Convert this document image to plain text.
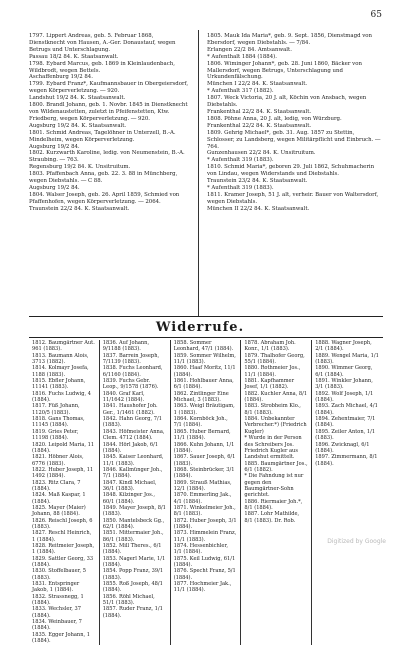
65

1797. Lippert Andreas, geb. 5. Februar 1868, Dienstknecht von Hausen, A.-Ger. Donaustauf, wegen Betrugs und Unterschlagung.

Passau 18/2 84. K. Staatsanwalt.

1798. Eybard Marcus, geb. 1869 in Kleinlaudenbach, Wildbrodt, wegen Bettels.

Aschaffenburg 19/2 84.

1799. Eybard Franz*, Kaufmannsbauer in Obergeiersdorf, wegen Körperverletzung. ― 920.

Landshut 19/2 84. K. Staatsanwalt.

1800. Brandl Johann, geb. 1. Novbr. 1845 in Dienstknecht von Wildenaustetten, zuletzt in Pfeifenstetten, Ktw. Friedberg, wegen Körperverletzung. ― 920.

Augsburg 19/2 84. K. Staatsanwalt.

1801. Schmid Andreas, Tagelöhner in Unterzell, B.-A. Mindelheim, wegen Körperverletzung.

Augsburg 19/2 84.

1802. Kurzwarth Karoline, ledig. von Neumenstein, B.-A. Straubing. ― 763.

Regensburg 19/2 84. K. Unsitruitum.

1803. Pfaffenbach Anna, geb. 22. 3. 88 in Münchberg, wegen Diebstahls. ― C 88.

Augsburg 19/2 84.

1804. Walser Joseph, geb. 26. April 1859, Schmied von Pfaffenhofen, wegen Körperverletzung. ― 2064.

Traunstein 22/2 84. K. Staatsanwalt.

1805. Mauk Ida Maria*, geb. 9. Sept. 1856, Dienstmagd von Ebersdorf, wegen Diebstahls. ― 7/84.

Erlangen 22/2 84. Amtsanwalt.

* Aufenthalt 1884 (1884).

1806. Wiminger Johann*, geb. 28. Juni 1860, Bäcker von Mallersdorf, wegen Betrugs, Unterschlagung und Urkundenfälschung.

München I 22/2 84. K. Staatsanwalt.

* Aufenthalt 317 (1882).

1807. Weck Victoria, 20 J. alt, Köchin von Ansbach, wegen Diebstahls.

Frankenthal 22/2 84. K. Staatsanwalt.

1808. Pöhne Anna, 20 J. alt, ledig, von Würzburg.

Frankenthal 22/2 84. K. Staatsanwalt.

1809. Gehrig Michael*, geb. 31. Aug. 1857 zu Stettin, Schlosser, zu Landsberg, wegen Militärpflicht und Einbruch. ― 764.

Gunzenhausen 22/2 84. K. Unsitruitum.

* Aufenthalt 319 (1883).

1810. Schmid Maria*, geboren 29. Juli 1862, Schuhmacherin von Lindau, wegen Widerstands und Diebstahls.

Traunstein 23/2 84. K. Staatsanwalt.

* Aufenthalt 319 (1883).

1811. Kramer Joseph, 51 J. alt, verheir. Bauer von Waltersdorf, wegen Diebstahls.

München II 22/2 84. K. Staatsanwalt.

Widerrufe.

1812. Baumgärtner Aut. 961 (1883).

1813. Baumann Alois, 3713 (1882).

1814. Kolmayr Josefa, 1188 (1883).

1815. Ebfler Johann, 11141 (1883).

1816. Fuchs Ludwig, 4 (1884).

1817. Füß Johann, 1120/5 (1883).

1818. Gans Thomas, 11145 (1884).

1819. Gries Peter, 11198 (1884).

1820. Leipold Maria, 11 (1884).

1821. Höbner Alois, 6776 (1883).

1822. Huber Joseph, 11 1492 (1884).

1823. Ritz Clara, 7 (1884).

1824. Maß Kaspar, 1 (1884).

1825. Mayer (Maier) Johann, 88 (1884).

1826. Reischl Joseph, 6 (1883).

1827. Reschl Heinrich, 1 (1884).

1828. Reitmeier Joseph, 1 (1884).

1829. Sattler Georg, 33 (1884).

1830. Stoffelbauer, 5 (1883).

1831. Entspringer Jakob, 1 (1884).

1832. Strassnegg, 1 (1884).

1833. Wechsler, 37 (1884).

1834. Weinbauer, 7 (1884).

1835. Egger Johann, 1 (1884).

1836. Auf Johann, 9/1188 (1883).

1837. Barrein Joseph, 7/1139 (1883).

1838. Fuchs Leonhard, 6/1160 (1884).

1839. Fuchs Gebr. Leop., 9/1578 (1876).

1840. Graf Karl, 11/1642 (1884).

1841. Haushofer Joh. Ger., 1/1461 (1882).

1842. Hahn Georg, 7/1 (1883).

1843. Höfmeister Anna, Clem. 4712 (1884).

1844. Hörl Jakob, 6/1 (1884).

1845. Kaiser Leonhard, 11/1 (1883).

1846. Kallmünger Joh., 7/1 (1884).

1847. Kindl Michael, 36/1 (1883).

1848. Kilzinger Jos., 60/1 (1884).

1849. Mayer Joseph, 8/1 (1883).

1850. Mantelsbeck Gg., 62/1 (1884).

1851. Mittermaier Joh., 86/1 (1883).

1852. Mill Theres., 6/1 (1884).

1853. Nagerl Marie, 1/1 (1884).

1854. Popp Franz, 39/1 (1883).

1855. Roß Joseph, 48/1 (1884).

1856. Röhl Michael, 51/1 (1883).

1857. Ruder Franz, 1/1 (1884).

1858. Sommer Leonhard, 47/1 (1884).

1859. Sommer Wilhelm, 11/1 (1883).

1860. Haaf Moritz, 11/1 (1884).

1861. Hohlbauer Anna, 6/1 (1884).

1862. Zintlinger Eine Michael, 3 (1883).

1863. Weigl Bräutigam, 1 (1883).

1864. Kornböck Joh., 7/1 (1884).

1865. Huber Bernard, 11/1 (1884).

1866. Kuhn Johann, 1/1 (1884).

1867. Sauer Joseph, 6/1 (1883).

1868. Steinbrücker, 3/1 (1884).

1869. Strauß Mathias, 12/1 (1884).

1870. Emmerling Jak., 4/1 (1884).

1871. Winkelmeier Joh., 8/1 (1883).

1872. Huber Joseph, 3/1 (1884).

1873. Himmelein Franz, 11/1 (1883).

1874. Hessenbichler, 1/1 (1884).

1875. Keil Ludwig, 61/1 (1884).

1876. Specht Franz, 5/1 (1884).

1877. Hochmeier Jak., 11/1 (1884).

1878. Abraham Joh. Konr., 1/1 (1883).

1879. Thalhofer Georg, 55/1 (1884).

1880. Rothmeier Jos., 11/1 (1884).

1881. Kapfhammer Josef, 1/1 (1882).

1882. Kuchler Anna, 8/1 (1884).

1883. Strobheim Klo., 8/1 (1883).

1884. Unbekannter Verbrecher.*) (Friedrich Kugler)

* Wurde in der Person des Schreibers Jos. Friedrich Kugler aus Landshut ermittelt.

1885. Baumgärtner Jos., 6/1 (1882).

* Die Fahndung ist nur gegen den Baumgärtner-Sohn gerichtet.

1886. Riermaier Joh.*, 8/1 (1884).

1887. Lohr Mathilde, 8/1 (1883). Dr. Rob.

1888. Wagner Joseph, 2/1 (1884).

1889. Wengel Maria, 1/1 (1883).

1890. Wimmer Georg, 6/1 (1884).

1891. Winkler Johann, 3/1 (1883).

1892. Wolf Joseph, 1/1 (1884).

1893. Zach Michael, 4/1 (1884).

1894. Zehentmaier, 7/1 (1884).

1895. Zeiler Anton, 1/1 (1883).

1896. Zwicknagl, 6/1 (1884).

1897. Zimmermann, 8/1 (1884).

Digitized by Google
